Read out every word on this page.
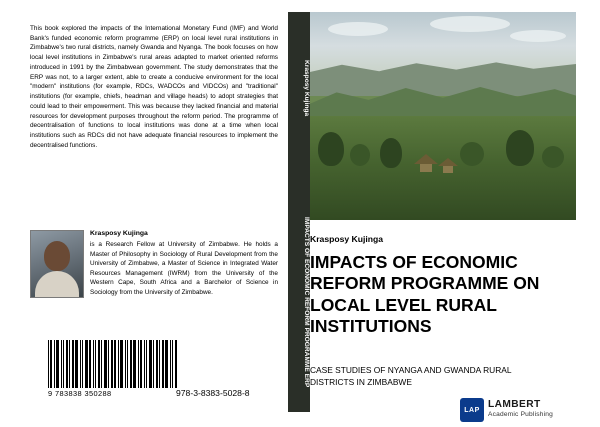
This book explored the impacts of the International Monetary Fund (IMF) and World Bank's funded economic reform programme (ERP) on local level rural institutions in Zimbabwe's two rural districts, namely Gwanda and Nyanga. The book focuses on how local level institutions in Zimbabwe's rural areas adapted to market oriented reforms introduced in 1991 by the Zimbabwean government. The study demonstrates that the ERP was not, to a larger extent, able to create a conducive environment for the local "modern" institutions (for example, RDCs, WADCOs and VIDCOs) and "traditional" institutions (for example, chiefs, headman and village heads) to adopt strategies that could lead to their empowerment. This was because they lacked financial and material resources for development purposes throughout the reform period. The programme of decentralisation of functions to local institutions was done at a time when local institutions such as RDCs did not have adequate financial resources to implement the decentralised functions.
Krasposy Kujinga
is a Research Fellow at University of Zimbabwe. He holds a Master of Philosophy in Sociology of Rural Development from the University of Zimbabwe, a Master of Science in Integrated Water Resources Management (IWRM) from the University of the Western Cape, South Africa and a Barchelor of Science in Sociology from the University of Zimbabwe.
9 783838 350288	978-3-8383-5028-8
Krasposy Kujinga
IMPACTS OF ECONOMIC REFORM PROGRAMME ERP Krasposy Kujinga
IMPACTS OF ECONOMIC REFORM PROGRAMME ON LOCAL LEVEL RURAL INSTITUTIONS
CASE STUDIES OF NYANGA AND GWANDA RURAL DISTRICTS IN ZIMBABWE
LAP LAMBERT
Academic Publishing
